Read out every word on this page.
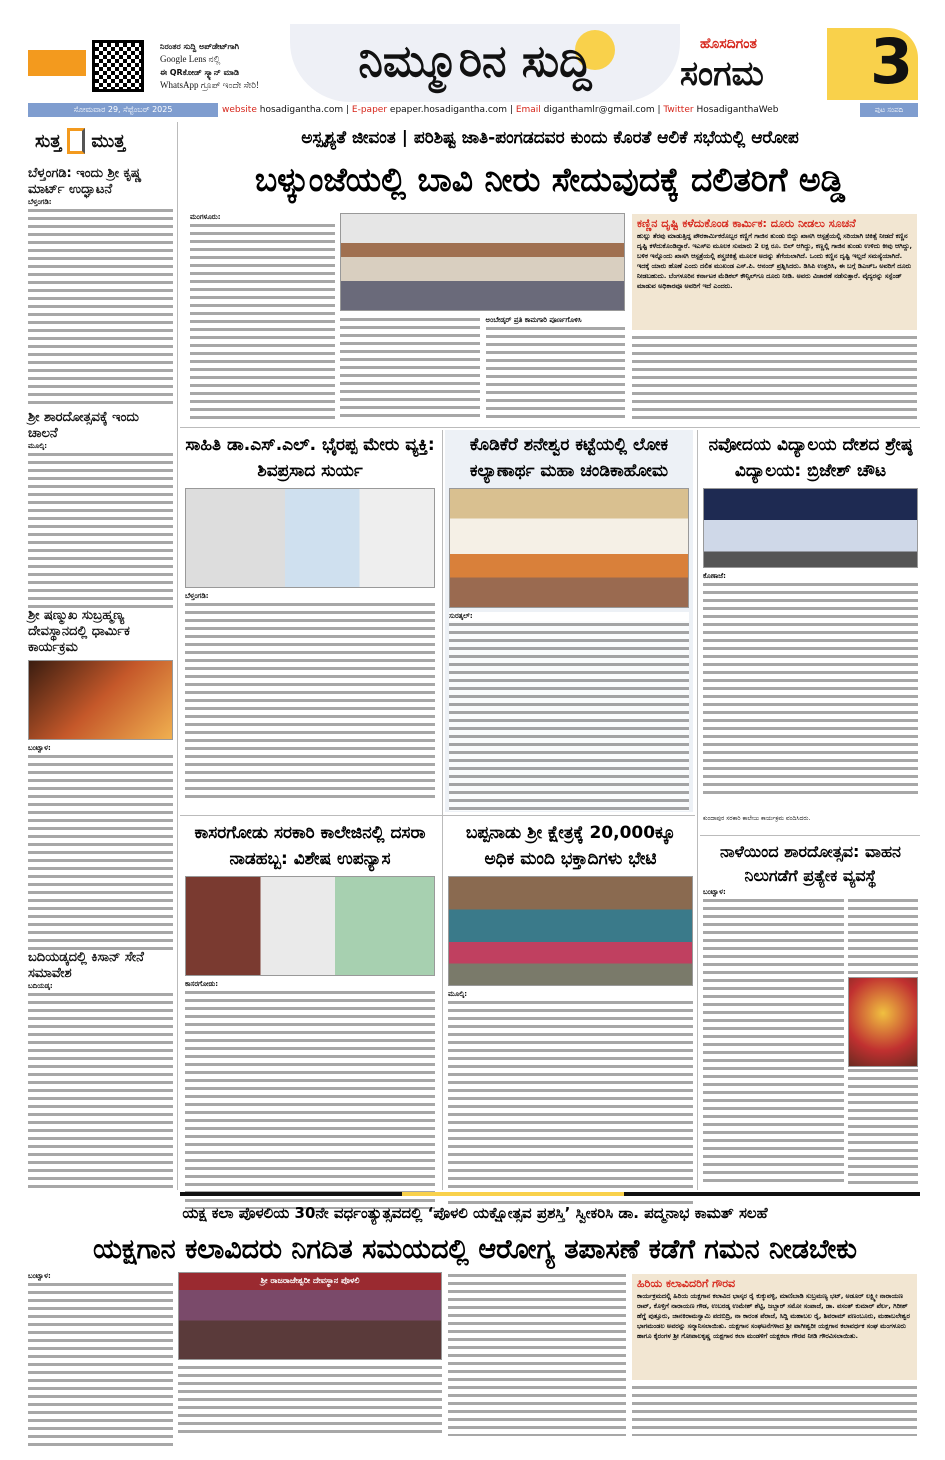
ನಿರಂತರ ಸುದ್ದಿ ಅಪ್‌ಡೇಟ್‌ಗಾಗಿ
Google Lens ನಲ್ಲಿ
ಈ QRಕೋಡ್ ಸ್ಕ್ಯಾನ್ ಮಾಡಿ
WhatsApp ಗ್ರೂಪ್ ಇಂದೇ ಸೇರಿ!	ನಿಮ್ಮೂರಿನ ಸುದ್ದಿ	ಹೊಸದಿಗಂತ
ಸಂಗಮ 3
ಸೋಮವಾರ 29, ಸೆಪ್ಟೆಂಬರ್ 2025	website hosadigantha.com | E-paper epaper.hosadigantha.com | Email diganthamlr@gmail.com | Twitter HosadiganthaWeb	ಪುಟ ಸಂಪದಿ
ಸುತ್ತ ಮುತ್ತ
ಬೆಳ್ತಂಗಡಿ: ಇಂದು ಶ್ರೀ ಕೃಷ್ಣ ಮಾರ್ಟ್ ಉದ್ಘಾಟನೆ
ಬೆಳ್ತಂಗಡಿ:
ಶ್ರೀ ಶಾರದೋತ್ಸವಕ್ಕೆ ಇಂದು ಚಾಲನೆ
ಮೂಲ್ಕಿ:
ಶ್ರೀ ಷಣ್ಮುಖ ಸುಬ್ರಹ್ಮಣ್ಯ ದೇವಸ್ಥಾನದಲ್ಲಿ ಧಾರ್ಮಿಕ ಕಾರ್ಯಕ್ರಮ
ಬಂಟ್ವಾಳ:
ಬದಿಯಡ್ಕದಲ್ಲಿ ಕಿಸಾನ್ ಸೇನೆ ಸಮಾವೇಶ
ಬದಿಯಡ್ಕ:
ಅಸ್ಪೃಶ್ಯತೆ ಜೀವಂತ | ಪರಿಶಿಷ್ಟ ಜಾತಿ-ಪಂಗಡದವರ ಕುಂದು ಕೊರತೆ ಆಲಿಕೆ ಸಭೆಯಲ್ಲಿ ಆರೋಪ
ಬಳ್ಕುಂಜೆಯಲ್ಲಿ ಬಾವಿ ನೀರು ಸೇದುವುದಕ್ಕೆ ದಲಿತರಿಗೆ ಅಡ್ಡಿ
ಮಂಗಳೂರು:
ಅಂಬೇಡ್ಕರ್ ಪ್ರತಿ ಕಾಮಗಾರಿ ಪೂರ್ಣಗೊಳಿಸಿ
ಕಣ್ಣಿನ ದೃಷ್ಟಿ ಕಳೆದುಕೊಂಡ ಕಾರ್ಮಿಕ: ದೂರು ನೀಡಲು ಸೂಚನೆ
ಹುಲ್ಲು ತೆರವು ಮಾಡುತ್ತಿದ್ದ ಪೌರಕಾರ್ಮಿಕರೊಬ್ಬರ ಕಣ್ಣಿಗೆ ಗಾಜಿನ ತುಂಡು ಬಿದ್ದು ಖಾಸಗಿ ಆಸ್ಪತ್ರೆಯಲ್ಲಿ ಸರಿಯಾಗಿ ಚಿಕಿತ್ಸೆ ನೀಡದೆ ಕಣ್ಣಿನ ದೃಷ್ಟಿ ಕಳೆದುಕೊಂಡಿದ್ದಾರೆ. ಇಎಸ್‌ಐ ಮೂಲಕ ಸುಮಾರು 2 ಲಕ್ಷ ರೂ. ಬಿಲ್ ಆಗಿದ್ದು, ಕಣ್ಣಲ್ಲಿ ಗಾಜಿನ ತುಂಡು ಉಳಿದು ಕೀವು ಆಗಿದ್ದು, ಬಳಿಕ ಇನ್ನೊಂದು ಖಾಸಗಿ ಆಸ್ಪತ್ರೆಯಲ್ಲಿ ಶಸ್ತ್ರಚಿಕಿತ್ಸೆ ಮೂಲಕ ಅದನ್ನು ತೆಗೆಯಲಾಗಿದೆ. ಒಂದು ಕಣ್ಣಿನ ದೃಷ್ಟಿ ಇಲ್ಲದೆ ಸಮಸ್ಯೆಯಾಗಿದೆ. ಇದಕ್ಕೆ ಯಾರು ಹೊಣೆ ಎಂದು ದಲಿತ ಮುಖಂಡ ಎಸ್.ಪಿ. ಆನಂದ್ ಪ್ರಶ್ನಿಸಿದರು. ಡಿಸಿಪಿ ಉತ್ತರಿಸಿ, ಈ ಬಗ್ಗೆ ಡಿಎಚ್‌ಒ ಅವರಿಗೆ ದೂರು ನೀಡಬಹುದು. ಬೆಂಗಳೂರಿನ ಕರ್ನಾಟಕ ಮೆಡಿಕಲ್ ಕೌನ್ಸಿಲ್‌ಗೂ ದೂರು ನೀಡಿ. ಅವರು ವಿಚಾರಣೆ ನಡೆಸುತ್ತಾರೆ. ವೈದ್ಯರನ್ನು ಸಸ್ಪೆಂಡ್ ಮಾಡುವ ಅಧಿಕಾರವೂ ಅವರಿಗೆ ಇದೆ ಎಂದರು.
ಸಾಹಿತಿ ಡಾ.ಎಸ್.ಎಲ್. ಭೈರಪ್ಪ ಮೇರು ವ್ಯಕ್ತಿ: ಶಿವಪ್ರಸಾದ ಸುರ್ಯ
ಬೆಳ್ತಂಗಡಿ:
ಕೊಡಿಕೆರೆ ಶನೇಶ್ವರ ಕಟ್ಟೆಯಲ್ಲಿ ಲೋಕ ಕಲ್ಯಾಣಾರ್ಥ ಮಹಾ ಚಂಡಿಕಾಹೋಮ
ಸುರತ್ಕಲ್:
ನವೋದಯ ವಿದ್ಯಾಲಯ ದೇಶದ ಶ್ರೇಷ್ಠ ವಿದ್ಯಾಲಯ: ಬ್ರಿಜೇಶ್ ಚೌಟ
ಕೊಣಾಜೆ:
ಕಾಸರಗೋಡು ಸರಕಾರಿ ಕಾಲೇಜಿನಲ್ಲಿ ದಸರಾ ನಾಡಹಬ್ಬ: ವಿಶೇಷ ಉಪನ್ಯಾಸ
ಕಾಸರಗೋಡು:
ಬಪ್ಪನಾಡು ಶ್ರೀ ಕ್ಷೇತ್ರಕ್ಕೆ 20,000ಕ್ಕೂ ಅಧಿಕ ಮಂದಿ ಭಕ್ತಾದಿಗಳು ಭೇಟಿ
ಮೂಲ್ಕಿ:
ಕುಂದಾಪುರ ಸರಕಾರಿ ಕಾಲೇಜು ಕಾರ್ಯಕ್ರಮ ವಂದಿಸಿದರು.
ನಾಳೆಯಿಂದ ಶಾರದೋತ್ಸವ: ವಾಹನ ನಿಲುಗಡೆಗೆ ಪ್ರತ್ಯೇಕ ವ್ಯವಸ್ಥೆ
ಬಂಟ್ವಾಳ:
ಯಕ್ಷ ಕಲಾ ಪೊಳಲಿಯ 30ನೇ ವರ್ಧಂತ್ಯುತ್ಸವದಲ್ಲಿ ‘ಪೊಳಲಿ ಯಕ್ಷೋತ್ಸವ ಪ್ರಶಸ್ತಿ’ ಸ್ವೀಕರಿಸಿ ಡಾ. ಪದ್ಮನಾಭ ಕಾಮತ್ ಸಲಹೆ
ಯಕ್ಷಗಾನ ಕಲಾವಿದರು ನಿಗದಿತ ಸಮಯದಲ್ಲಿ ಆರೋಗ್ಯ ತಪಾಸಣೆ ಕಡೆಗೆ ಗಮನ ನೀಡಬೇಕು
ಬಂಟ್ವಾಳ:	ಶ್ರೀ ರಾಜರಾಜೇಶ್ವರೀ ದೇವಸ್ಥಾನ ಪೊಳಲಿ	ಹಿರಿಯ ಕಲಾವಿದರಿಗೆ ಗೌರವ
ಕಾರ್ಯಕ್ರಮದಲ್ಲಿ ಹಿರಿಯ ಯಕ್ಷಗಾನ ಕಲಾವಿದ ಭಾಸ್ಕರ ರೈ ಕುಕ್ಕುವಳ್ಳಿ, ಮಾಣಿಬಾಡಿ ಸುಬ್ರಮಣ್ಯ ಭಟ್, ಅಡೂರ್ ಲಕ್ಷ್ಮೀ ನಾರಾಯಣ ರಾವ್, ಕೊಳ್ತಿಗೆ ನಾರಾಯಣ ಗೌಡ, ಉಬರಡ್ಕ ಉಮೇಶ್ ಶೆಟ್ಟಿ, ಜಬ್ಬಾರ್ ಸಮೋ ಸಂಪಾಜೆ, ಡಾ. ವಸಂತ್ ಕುಮಾರ್ ಪೆರ್ಲ, ಗಿರೀಶ್ ಹೆಗ್ಡೆ ಪುತ್ತೂರು, ಜಾನಕಿರಾಮಸ್ವಾಮಿ ಪದಬಿದ್ರಿ, ನಾ ಕಾರಂತ ಪೆರಾಜೆ, ಸಿದ್ದಿ ಮಹಾಬಲ ರೈ, ಶಿವರಾಮ್ ಪಣಂಬೂರು, ಮಹಾಬಲೇಶ್ವರ ಭಾಗಮಂಡಲ ಅವರನ್ನು ಸನ್ಮಾನಿಸಲಾಯಿತು. ಯಕ್ಷಗಾನ ಸಂಘಟನೆಗಳಾದ ಶ್ರೀ ವಾಗೀಶ್ವರೀ ಯಕ್ಷಗಾನ ಕಲಾವರ್ಧಕ ಸಂಘ ಮಂಗಳೂರು ಹಾಗೂ ಕೈರಂಗಳ ಶ್ರೀ ಗೋಪಾಲಕೃಷ್ಣ ಯಕ್ಷಗಾನ ಕಲಾ ಮಂಡಳಿಗೆ ಯಕ್ಷಕಲಾ ಗೌರವ ನೀಡಿ ಗೌರವಿಸಲಾಯಿತು.
